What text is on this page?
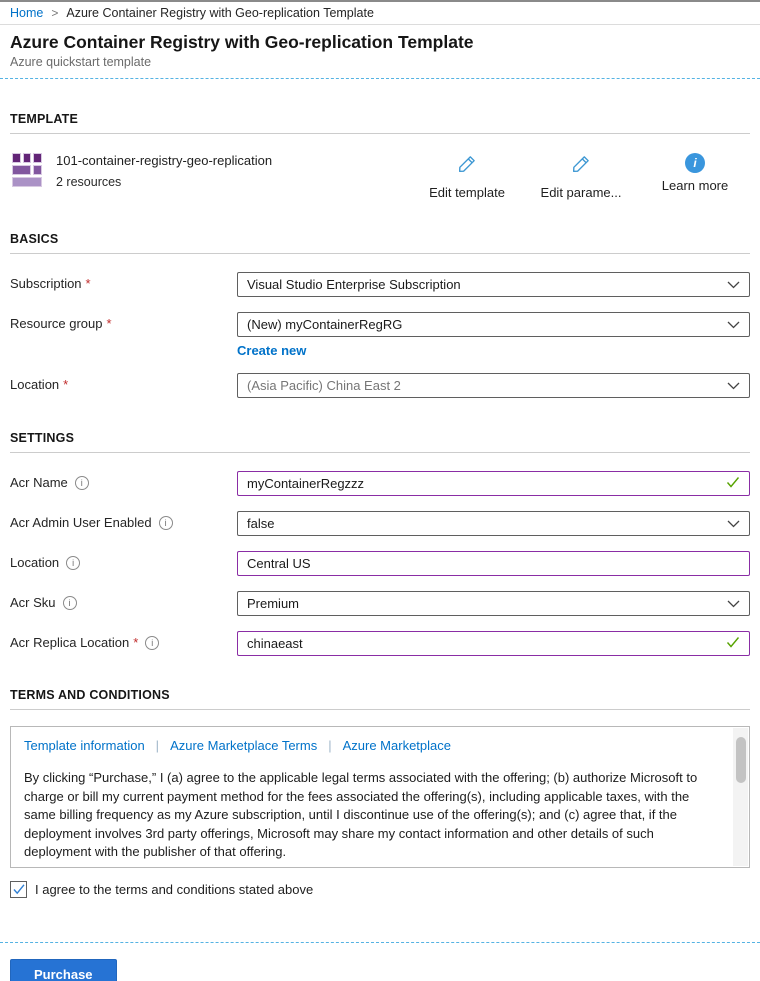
Home > Azure Container Registry with Geo-replication Template
Azure Container Registry with Geo-replication Template
Azure quickstart template
TEMPLATE
101-container-registry-geo-replication
2 resources
Edit template	Edit parame...
i
Learn more
BASICS
Subscription *	Visual Studio Enterprise Subscription
Resource group *	(New) myContainerRegRG
Create new
Location *	(Asia Pacific) China East 2
SETTINGS
Acr Name	i	myContainerRegzzz
Acr Admin User Enabled	i	false
Location	i	Central US
Acr Sku	i	Premium
Acr Replica Location *	i	chinaeast
TERMS AND CONDITIONS
Template information | Azure Marketplace Terms | Azure Marketplace
By clicking “Purchase,” I (a) agree to the applicable legal terms associated with the offering; (b) authorize Microsoft to charge or bill my current payment method for the fees associated the offering(s), including applicable taxes, with the same billing frequency as my Azure subscription, until I discontinue use of the offering(s); and (c) agree that, if the deployment involves 3rd party offerings, Microsoft may share my contact information and other details of such deployment with the publisher of that offering.
I agree to the terms and conditions stated above
Purchase
